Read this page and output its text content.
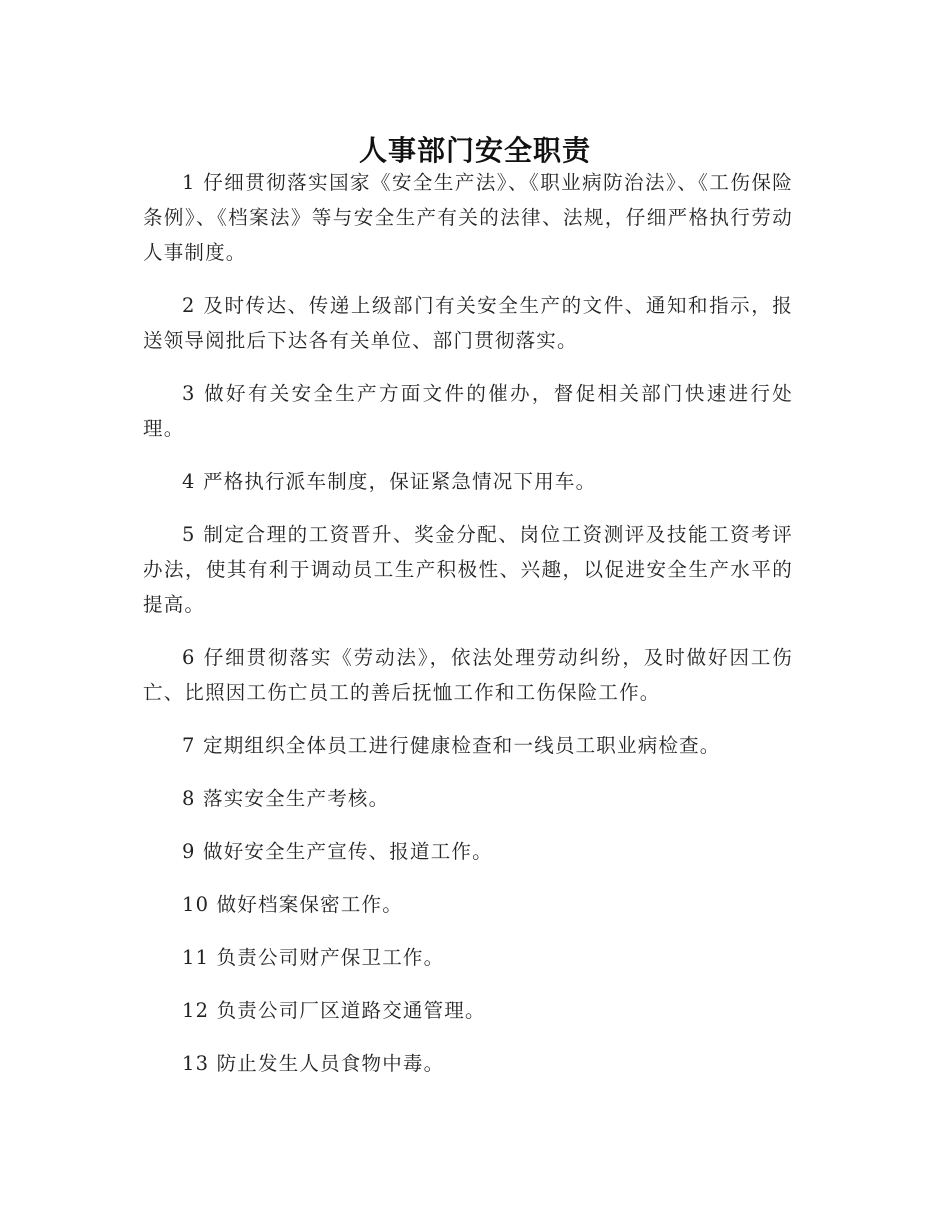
人事部门安全职责

1 仔细贯彻落实国家《安全生产法》、《职业病防治法》、《工伤保险条例》、《档案法》等与安全生产有关的法律、法规，仔细严格执行劳动人事制度。

2 及时传达、传递上级部门有关安全生产的文件、通知和指示，报送领导阅批后下达各有关单位、部门贯彻落实。

3 做好有关安全生产方面文件的催办，督促相关部门快速进行处理。

4 严格执行派车制度，保证紧急情况下用车。

5 制定合理的工资晋升、奖金分配、岗位工资测评及技能工资考评办法，使其有利于调动员工生产积极性、兴趣，以促进安全生产水平的提高。

6 仔细贯彻落实《劳动法》，依法处理劳动纠纷，及时做好因工伤亡、比照因工伤亡员工的善后抚恤工作和工伤保险工作。

7 定期组织全体员工进行健康检查和一线员工职业病检查。

8 落实安全生产考核。

9 做好安全生产宣传、报道工作。

10 做好档案保密工作。

11 负责公司财产保卫工作。

12 负责公司厂区道路交通管理。

13 防止发生人员食物中毒。
